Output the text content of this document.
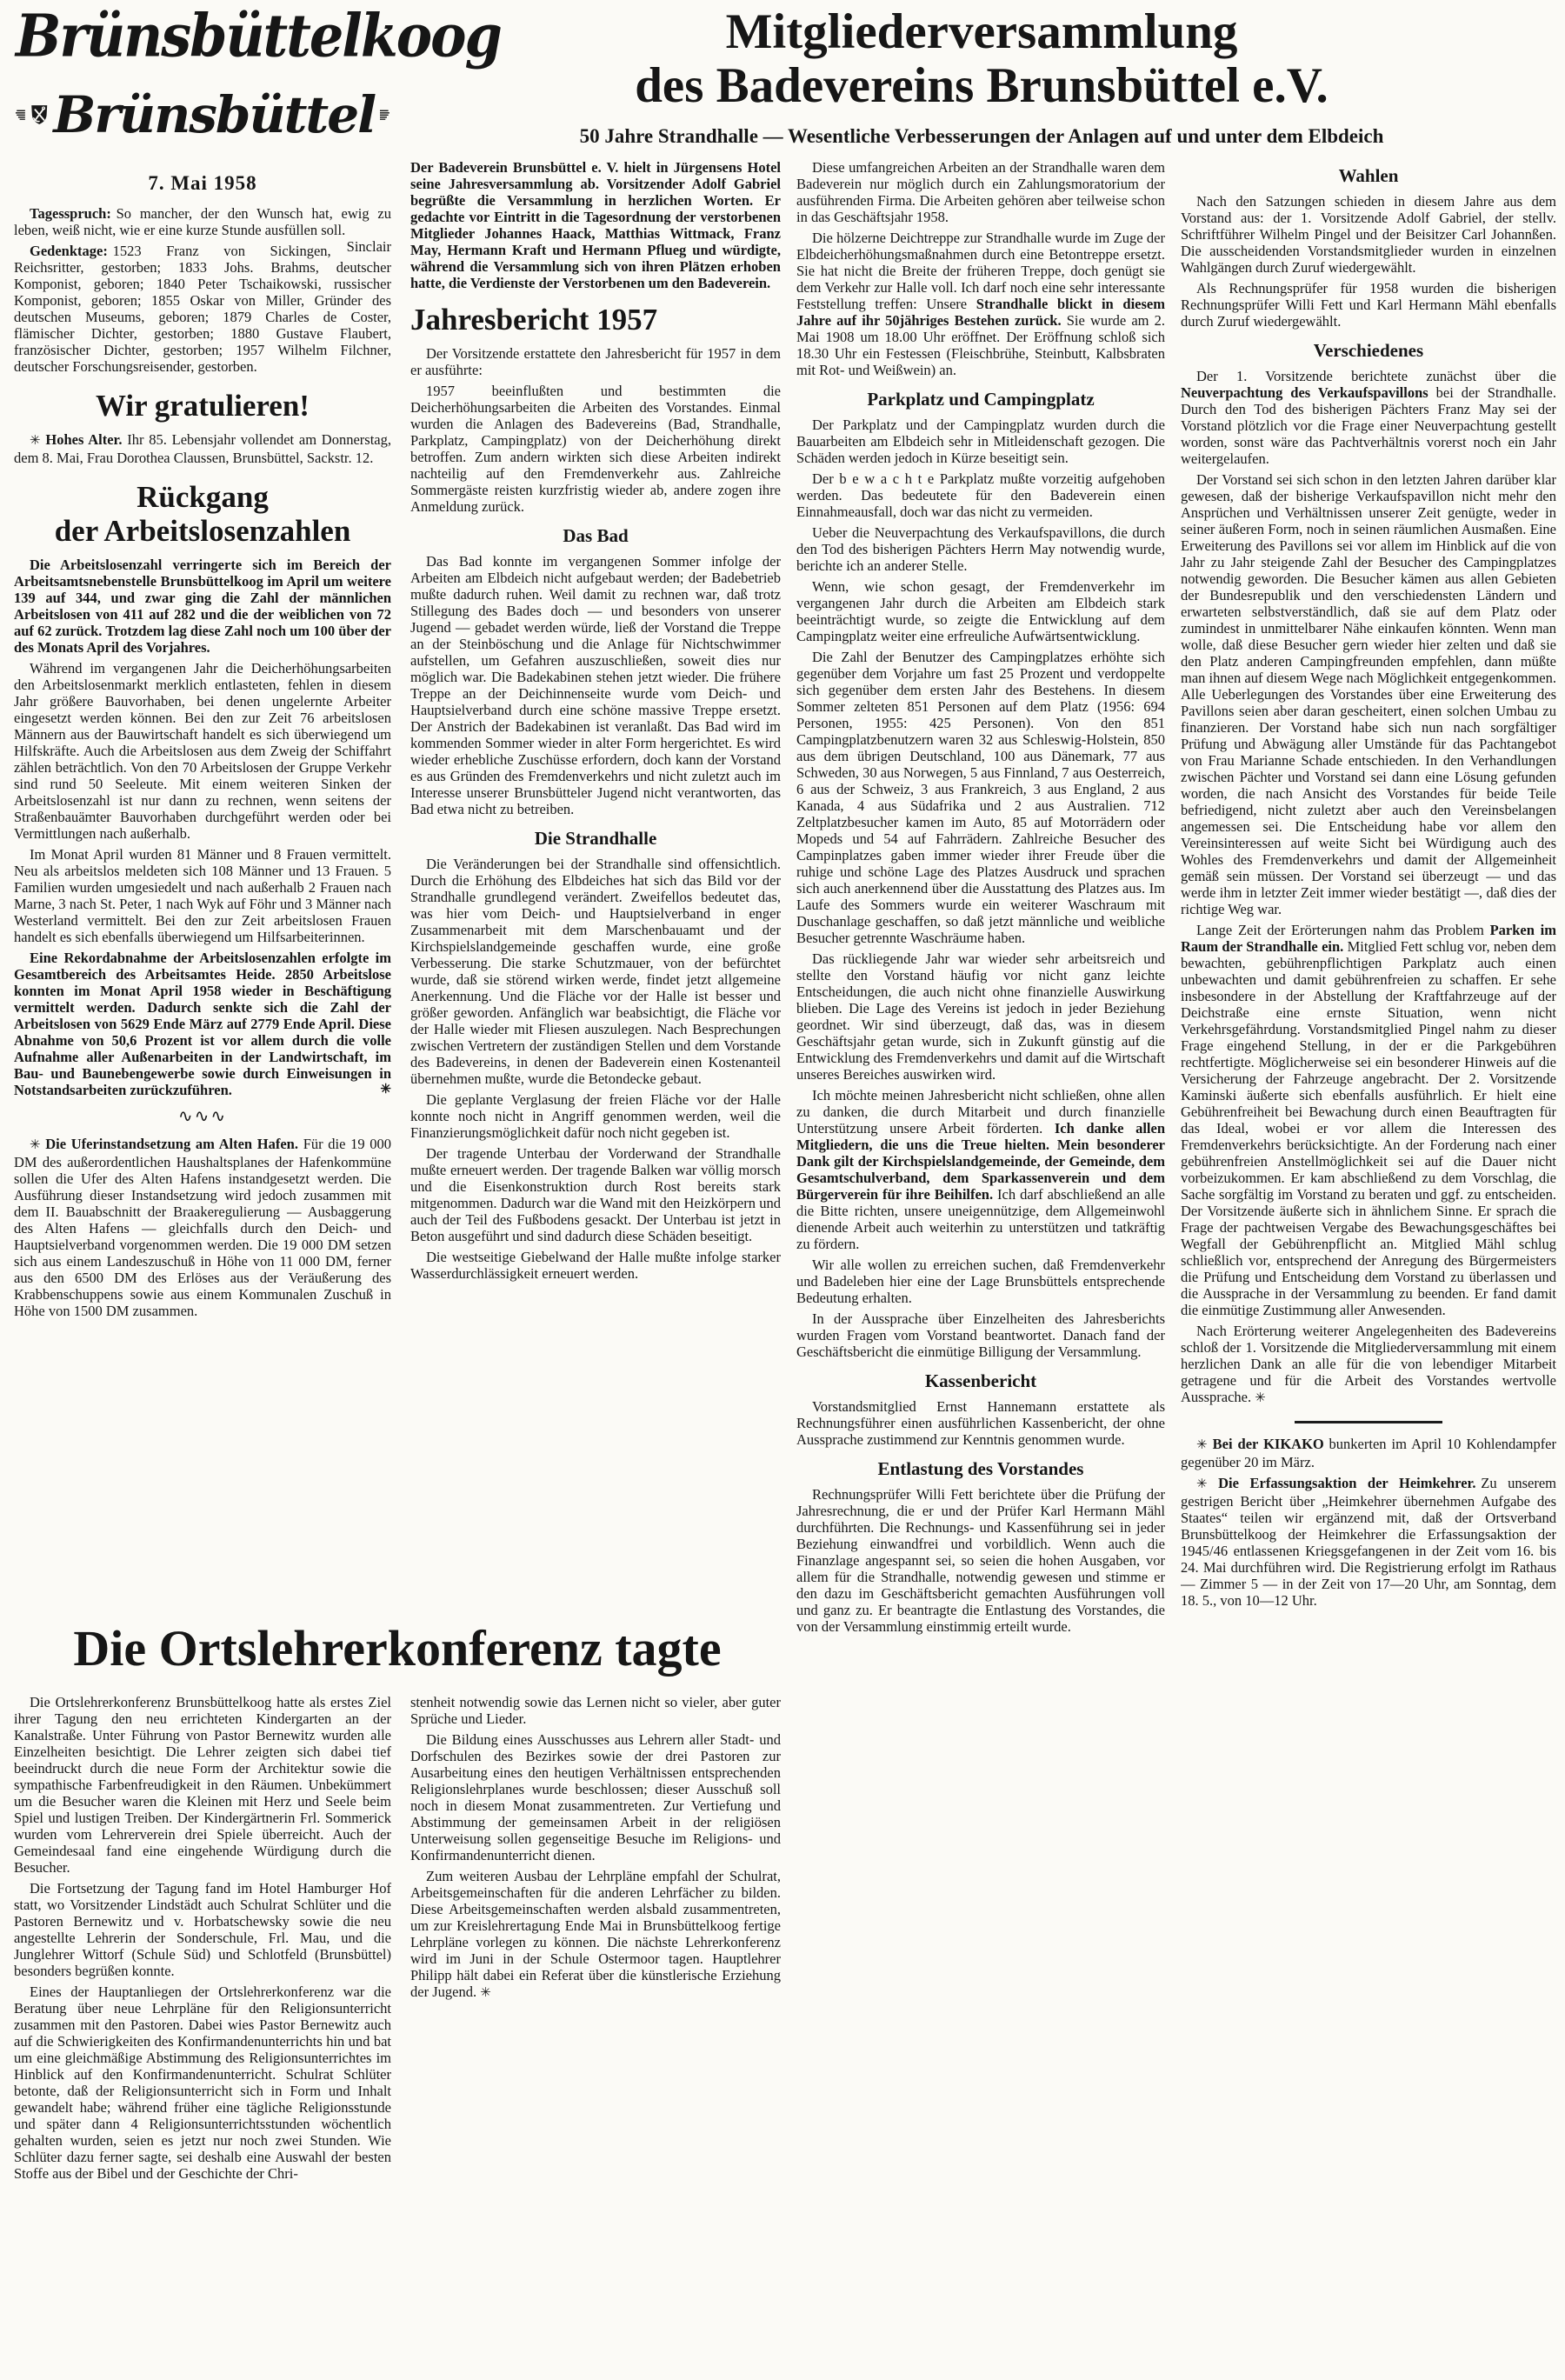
Brünsbüttelkoog
Brünsbüttel
7. Mai 1958
Mitgliederversammlung
des Badevereins Brunsbüttel e.V.
50 Jahre Strandhalle — Wesentliche Verbesserungen der Anlagen auf und unter dem Elbdeich

Tagesspruch: So mancher, der den Wunsch hat, ewig zu leben, weiß nicht, wie er eine kurze Stunde ausfüllen soll.
Sinclair

Gedenktage: 1523 Franz von Sickingen, Reichsritter, gestorben; 1833 Johs. Brahms, deutscher Komponist, geboren; 1840 Peter Tschaikowski, russischer Komponist, geboren; 1855 Oskar von Miller, Gründer des deutschen Museums, geboren; 1879 Charles de Coster, flämischer Dichter, gestorben; 1880 Gustave Flaubert, französischer Dichter, gestorben; 1957 Wilhelm Filchner, deutscher Forschungsreisender, gestorben.

Wir gratulieren!

✳ Hohes Alter. Ihr 85. Lebensjahr vollendet am Donnerstag, dem 8. Mai, Frau Dorothea Claussen, Brunsbüttel, Sackstr. 12.

Rückgang
der Arbeitslosenzahlen

Die Arbeitslosenzahl verringerte sich im Bereich der Arbeitsamtsnebenstelle Brunsbüttelkoog im April um weitere 139 auf 344, und zwar ging die Zahl der männlichen Arbeitslosen von 411 auf 282 und die der weiblichen von 72 auf 62 zurück. Trotzdem lag diese Zahl noch um 100 über der des Monats April des Vorjahres.

Während im vergangenen Jahr die Deicherhöhungsarbeiten den Arbeitslosenmarkt merklich entlasteten, fehlen in diesem Jahr größere Bauvorhaben, bei denen ungelernte Arbeiter eingesetzt werden können. Bei den zur Zeit 76 arbeitslosen Männern aus der Bauwirtschaft handelt es sich überwiegend um Hilfskräfte. Auch die Arbeitslosen aus dem Zweig der Schiffahrt zählen beträchtlich. Von den 70 Arbeitslosen der Gruppe Verkehr sind rund 50 Seeleute. Mit einem weiteren Sinken der Arbeitslosenzahl ist nur dann zu rechnen, wenn seitens der Straßenbauämter Bauvorhaben durchgeführt werden oder bei Vermittlungen nach außerhalb.

Im Monat April wurden 81 Männer und 8 Frauen vermittelt. Neu als arbeitslos meldeten sich 108 Männer und 13 Frauen. 5 Familien wurden umgesiedelt und nach außerhalb 2 Frauen nach Marne, 3 nach St. Peter, 1 nach Wyk auf Föhr und 3 Männer nach Westerland vermittelt. Bei den zur Zeit arbeitslosen Frauen handelt es sich ebenfalls überwiegend um Hilfsarbeiterinnen.

Eine Rekordabnahme der Arbeitslosenzahlen erfolgte im Gesamtbereich des Arbeitsamtes Heide. 2850 Arbeitslose konnten im Monat April 1958 wieder in Beschäftigung vermittelt werden. Dadurch senkte sich die Zahl der Arbeitslosen von 5629 Ende März auf 2779 Ende April. Diese Abnahme von 50,6 Prozent ist vor allem durch die volle Aufnahme aller Außenarbeiten in der Landwirtschaft, im Bau- und Baunebengewerbe sowie durch Einweisungen in Notstandsarbeiten zurückzuführen.	✳

∿∿∿

✳ Die Uferinstandsetzung am Alten Hafen. Für die 19 000 DM des außerordentlichen Haushaltsplanes der Hafenkommüne sollen die Ufer des Alten Hafens instandgesetzt werden. Die Ausführung dieser Instandsetzung wird jedoch zusammen mit dem II. Bauabschnitt der Braakeregulierung — Ausbaggerung des Alten Hafens — gleichfalls durch den Deich- und Hauptsielverband vorgenommen werden. Die 19 000 DM setzen sich aus einem Landeszuschuß in Höhe von 11 000 DM, ferner aus den 6500 DM des Erlöses aus der Veräußerung des Krabbenschuppens sowie aus einem Kommunalen Zuschuß in Höhe von 1500 DM zusammen.

Der Badeverein Brunsbüttel e. V. hielt in Jürgensens Hotel seine Jahresversammlung ab. Vorsitzender Adolf Gabriel begrüßte die Versammlung in herzlichen Worten. Er gedachte vor Eintritt in die Tagesordnung der verstorbenen Mitglieder Johannes Haack, Matthias Wittmack, Franz May, Hermann Kraft und Hermann Pflueg und würdigte, während die Versammlung sich von ihren Plätzen erhoben hatte, die Verdienste der Verstorbenen um den Badeverein.

Jahresbericht 1957

Der Vorsitzende erstattete den Jahresbericht für 1957 in dem er ausführte:

1957 beeinflußten und bestimmten die Deicherhöhungsarbeiten die Arbeiten des Vorstandes. Einmal wurden die Anlagen des Badevereins (Bad, Strandhalle, Parkplatz, Campingplatz) von der Deicherhöhung direkt betroffen. Zum andern wirkten sich diese Arbeiten indirekt nachteilig auf den Fremdenverkehr aus. Zahlreiche Sommergäste reisten kurzfristig wieder ab, andere zogen ihre Anmeldung zurück.

Das Bad

Das Bad konnte im vergangenen Sommer infolge der Arbeiten am Elbdeich nicht aufgebaut werden; der Badebetrieb mußte dadurch ruhen. Weil damit zu rechnen war, daß trotz Stillegung des Bades doch — und besonders von unserer Jugend — gebadet werden würde, ließ der Vorstand die Treppe an der Steinböschung und die Anlage für Nichtschwimmer aufstellen, um Gefahren auszuschließen, soweit dies nur möglich war. Die Badekabinen stehen jetzt wieder. Die frühere Treppe an der Deichinnenseite wurde vom Deich- und Hauptsielverband durch eine schöne massive Treppe ersetzt. Der Anstrich der Badekabinen ist veranlaßt. Das Bad wird im kommenden Sommer wieder in alter Form hergerichtet. Es wird wieder erhebliche Zuschüsse erfordern, doch kann der Vorstand es aus Gründen des Fremdenverkehrs und nicht zuletzt auch im Interesse unserer Brunsbütteler Jugend nicht verantworten, das Bad etwa nicht zu betreiben.

Die Strandhalle

Die Veränderungen bei der Strandhalle sind offensichtlich. Durch die Erhöhung des Elbdeiches hat sich das Bild vor der Strandhalle grundlegend verändert. Zweifellos bedeutet das, was hier vom Deich- und Hauptsielverband in enger Zusammenarbeit mit dem Marschenbauamt und der Kirchspielslandgemeinde geschaffen wurde, eine große Verbesserung. Die starke Schutzmauer, von der befürchtet wurde, daß sie störend wirken werde, findet jetzt allgemeine Anerkennung. Und die Fläche vor der Halle ist besser und größer geworden. Anfänglich war beabsichtigt, die Fläche vor der Halle wieder mit Fliesen auszulegen. Nach Besprechungen zwischen Vertretern der zuständigen Stellen und dem Vorstande des Badevereins, in denen der Badeverein einen Kostenanteil übernehmen mußte, wurde die Betondecke gebaut.

Die geplante Verglasung der freien Fläche vor der Halle konnte noch nicht in Angriff genommen werden, weil die Finanzierungsmöglichkeit dafür noch nicht gegeben ist.

Der tragende Unterbau der Vorderwand der Strandhalle mußte erneuert werden. Der tragende Balken war völlig morsch und die Eisenkonstruktion durch Rost bereits stark mitgenommen. Dadurch war die Wand mit den Heizkörpern und auch der Teil des Fußbodens gesackt. Der Unterbau ist jetzt in Beton ausgeführt und sind dadurch diese Schäden beseitigt.

Die westseitige Giebelwand der Halle mußte infolge starker Wasserdurchlässigkeit erneuert werden.

Diese umfangreichen Arbeiten an der Strandhalle waren dem Badeverein nur möglich durch ein Zahlungsmoratorium der ausführenden Firma. Die Arbeiten gehören aber teilweise schon in das Geschäftsjahr 1958.

Die hölzerne Deichtreppe zur Strandhalle wurde im Zuge der Elbdeicherhöhungsmaßnahmen durch eine Betontreppe ersetzt. Sie hat nicht die Breite der früheren Treppe, doch genügt sie dem Verkehr zur Halle voll. Ich darf noch eine sehr interessante Feststellung treffen: Unsere Strandhalle blickt in diesem Jahre auf ihr 50jähriges Bestehen zurück. Sie wurde am 2. Mai 1908 um 18.00 Uhr eröffnet. Der Eröffnung schloß sich 18.30 Uhr ein Festessen (Fleischbrühe, Steinbutt, Kalbsbraten mit Rot- und Weißwein) an.

Parkplatz und Campingplatz

Der Parkplatz und der Campingplatz wurden durch die Bauarbeiten am Elbdeich sehr in Mitleidenschaft gezogen. Die Schäden werden jedoch in Kürze beseitigt sein.

Der b e w a c h t e Parkplatz mußte vorzeitig aufgehoben werden. Das bedeutete für den Badeverein einen Einnahmeausfall, doch war das nicht zu vermeiden.

Ueber die Neuverpachtung des Verkaufspavillons, die durch den Tod des bisherigen Pächters Herrn May notwendig wurde, berichte ich an anderer Stelle.

Wenn, wie schon gesagt, der Fremdenverkehr im vergangenen Jahr durch die Arbeiten am Elbdeich stark beeinträchtigt wurde, so zeigte die Entwicklung auf dem Campingplatz weiter eine erfreuliche Aufwärtsentwicklung.

Die Zahl der Benutzer des Campingplatzes erhöhte sich gegenüber dem Vorjahre um fast 25 Prozent und verdoppelte sich gegenüber dem ersten Jahr des Bestehens. In diesem Sommer zelteten 851 Personen auf dem Platz (1956: 694 Personen, 1955: 425 Personen). Von den 851 Campingplatzbenutzern waren 32 aus Schleswig-Holstein, 850 aus dem übrigen Deutschland, 100 aus Dänemark, 77 aus Schweden, 30 aus Norwegen, 5 aus Finnland, 7 aus Oesterreich, 6 aus der Schweiz, 3 aus Frankreich, 3 aus England, 2 aus Kanada, 4 aus Südafrika und 2 aus Australien. 712 Zeltplatzbesucher kamen im Auto, 85 auf Motorrädern oder Mopeds und 54 auf Fahrrädern. Zahlreiche Besucher des Campinplatzes gaben immer wieder ihrer Freude über die ruhige und schöne Lage des Platzes Ausdruck und sprachen sich auch anerkennend über die Ausstattung des Platzes aus. Im Laufe des Sommers wurde ein weiterer Waschraum mit Duschanlage geschaffen, so daß jetzt männliche und weibliche Besucher getrennte Waschräume haben.

Das rückliegende Jahr war wieder sehr arbeitsreich und stellte den Vorstand häufig vor nicht ganz leichte Entscheidungen, die auch nicht ohne finanzielle Auswirkung blieben. Die Lage des Vereins ist jedoch in jeder Beziehung geordnet. Wir sind überzeugt, daß das, was in diesem Geschäftsjahr getan wurde, sich in Zukunft günstig auf die Entwicklung des Fremdenverkehrs und damit auf die Wirtschaft unseres Bereiches auswirken wird.

Ich möchte meinen Jahresbericht nicht schließen, ohne allen zu danken, die durch Mitarbeit und durch finanzielle Unterstützung unsere Arbeit förderten. Ich danke allen Mitgliedern, die uns die Treue hielten. Mein besonderer Dank gilt der Kirchspielslandgemeinde, der Gemeinde, dem Gesamtschulverband, dem Sparkassenverein und dem Bürgerverein für ihre Beihilfen. Ich darf abschließend an alle die Bitte richten, unsere uneigennützige, dem Allgemeinwohl dienende Arbeit auch weiterhin zu unterstützen und tatkräftig zu fördern.

Wir alle wollen zu erreichen suchen, daß Fremdenverkehr und Badeleben hier eine der Lage Brunsbüttels entsprechende Bedeutung erhalten.

In der Aussprache über Einzelheiten des Jahresberichts wurden Fragen vom Vorstand beantwortet. Danach fand der Geschäftsbericht die einmütige Billigung der Versammlung.

Kassenbericht

Vorstandsmitglied Ernst Hannemann erstattete als Rechnungsführer einen ausführlichen Kassenbericht, der ohne Aussprache zustimmend zur Kenntnis genommen wurde.

Entlastung des Vorstandes

Rechnungsprüfer Willi Fett berichtete über die Prüfung der Jahresrechnung, die er und der Prüfer Karl Hermann Mähl durchführten. Die Rechnungs- und Kassenführung sei in jeder Beziehung einwandfrei und vorbildlich. Wenn auch die Finanzlage angespannt sei, so seien die hohen Ausgaben, vor allem für die Strandhalle, notwendig gewesen und stimme er den dazu im Geschäftsbericht gemachten Ausführungen voll und ganz zu. Er beantragte die Entlastung des Vorstandes, die von der Versammlung einstimmig erteilt wurde.

Wahlen

Nach den Satzungen schieden in diesem Jahre aus dem Vorstand aus: der 1. Vorsitzende Adolf Gabriel, der stellv. Schriftführer Wilhelm Pingel und der Beisitzer Carl Johannßen. Die ausscheidenden Vorstandsmitglieder wurden in einzelnen Wahlgängen durch Zuruf wiedergewählt.

Als Rechnungsprüfer für 1958 wurden die bisherigen Rechnungsprüfer Willi Fett und Karl Hermann Mähl ebenfalls durch Zuruf wiedergewählt.

Verschiedenes

Der 1. Vorsitzende berichtete zunächst über die Neuverpachtung des Verkaufspavillons bei der Strandhalle. Durch den Tod des bisherigen Pächters Franz May sei der Vorstand plötzlich vor die Frage einer Neuverpachtung gestellt worden, sonst wäre das Pachtverhältnis vorerst noch ein Jahr weitergelaufen.

Der Vorstand sei sich schon in den letzten Jahren darüber klar gewesen, daß der bisherige Verkaufspavillon nicht mehr den Ansprüchen und Verhältnissen unserer Zeit genügte, weder in seiner äußeren Form, noch in seinen räumlichen Ausmaßen. Eine Erweiterung des Pavillons sei vor allem im Hinblick auf die von Jahr zu Jahr steigende Zahl der Besucher des Campingplatzes notwendig geworden. Die Besucher kämen aus allen Gebieten der Bundesrepublik und den verschiedensten Ländern und erwarteten selbstverständlich, daß sie auf dem Platz oder zumindest in unmittelbarer Nähe einkaufen könnten. Wenn man wolle, daß diese Besucher gern wieder hier zelten und daß sie den Platz anderen Campingfreunden empfehlen, dann müßte man ihnen auf diesem Wege nach Möglichkeit entgegenkommen. Alle Ueberlegungen des Vorstandes über eine Erweiterung des Pavillons seien aber daran gescheitert, einen solchen Umbau zu finanzieren. Der Vorstand habe sich nun nach sorgfältiger Prüfung und Abwägung aller Umstände für das Pachtangebot von Frau Marianne Schade entschieden. In den Verhandlungen zwischen Pächter und Vorstand sei dann eine Lösung gefunden worden, die nach Ansicht des Vorstandes für beide Teile befriedigend, nicht zuletzt aber auch den Vereinsbelangen angemessen sei. Die Entscheidung habe vor allem den Vereinsinteressen auf weite Sicht bei Würdigung auch des Wohles des Fremdenverkehrs und damit der Allgemeinheit gemäß sein müssen. Der Vorstand sei überzeugt — und das werde ihm in letzter Zeit immer wieder bestätigt —, daß dies der richtige Weg war.

Lange Zeit der Erörterungen nahm das Problem Parken im Raum der Strandhalle ein. Mitglied Fett schlug vor, neben dem bewachten, gebührenpflichtigen Parkplatz auch einen unbewachten und damit gebührenfreien zu schaffen. Er sehe insbesondere in der Abstellung der Kraftfahrzeuge auf der Deichstraße eine ernste Situation, wenn nicht Verkehrsgefährdung. Vorstandsmitglied Pingel nahm zu dieser Frage eingehend Stellung, in der er die Parkgebühren rechtfertigte. Möglicherweise sei ein besonderer Hinweis auf die Versicherung der Fahrzeuge angebracht. Der 2. Vorsitzende Kaminski äußerte sich ebenfalls ausführlich. Er hielt eine Gebührenfreiheit bei Bewachung durch einen Beauftragten für das Ideal, wobei er vor allem die Interessen des Fremdenverkehrs berücksichtigte. An der Forderung nach einer gebührenfreien Anstellmöglichkeit sei auf die Dauer nicht vorbeizukommen. Er kam abschließend zu dem Vorschlag, die Sache sorgfältig im Vorstand zu beraten und ggf. zu entscheiden. Der Vorsitzende äußerte sich in ähnlichem Sinne. Er sprach die Frage der pachtweisen Vergabe des Bewachungsgeschäftes bei Wegfall der Gebührenpflicht an. Mitglied Mähl schlug schließlich vor, entsprechend der Anregung des Bürgermeisters die Prüfung und Entscheidung dem Vorstand zu überlassen und die Aussprache in der Versammlung zu beenden. Er fand damit die einmütige Zustimmung aller Anwesenden.

Nach Erörterung weiterer Angelegenheiten des Badevereins schloß der 1. Vorsitzende die Mitgliederversammlung mit einem herzlichen Dank an alle für die von lebendiger Mitarbeit getragene und für die Arbeit des Vorstandes wertvolle Aussprache. ✳

✳ Bei der KIKAKO bunkerten im April 10 Kohlendampfer gegenüber 20 im März.

✳ Die Erfassungsaktion der Heimkehrer. Zu unserem gestrigen Bericht über „Heimkehrer übernehmen Aufgabe des Staates“ teilen wir ergänzend mit, daß der Ortsverband Brunsbüttelkoog der Heimkehrer die Erfassungsaktion der 1945/46 entlassenen Kriegsgefangenen in der Zeit vom 16. bis 24. Mai durchführen wird. Die Registrierung erfolgt im Rathaus — Zimmer 5 — in der Zeit von 17—20 Uhr, am Sonntag, dem 18. 5., von 10—12 Uhr.

Die Ortslehrerkonferenz tagte

Die Ortslehrerkonferenz Brunsbüttelkoog hatte als erstes Ziel ihrer Tagung den neu errichteten Kindergarten an der Kanalstraße. Unter Führung von Pastor Bernewitz wurden alle Einzelheiten besichtigt. Die Lehrer zeigten sich dabei tief beeindruckt durch die neue Form der Architektur sowie die sympathische Farbenfreudigkeit in den Räumen. Unbekümmert um die Besucher waren die Kleinen mit Herz und Seele beim Spiel und lustigen Treiben. Der Kindergärtnerin Frl. Sommerick wurden vom Lehrerverein drei Spiele überreicht. Auch der Gemeindesaal fand eine eingehende Würdigung durch die Besucher.

Die Fortsetzung der Tagung fand im Hotel Hamburger Hof statt, wo Vorsitzender Lindstädt auch Schulrat Schlüter und die Pastoren Bernewitz und v. Horbatschewsky sowie die neu angestellte Lehrerin der Sonderschule, Frl. Mau, und die Junglehrer Wittorf (Schule Süd) und Schlotfeld (Brunsbüttel) besonders begrüßen konnte.

Eines der Hauptanliegen der Ortslehrerkonferenz war die Beratung über neue Lehrpläne für den Religionsunterricht zusammen mit den Pastoren. Dabei wies Pastor Bernewitz auch auf die Schwierigkeiten des Konfirmandenunterrichts hin und bat um eine gleichmäßige Abstimmung des Religionsunterrichtes im Hinblick auf den Konfirmandenunterricht. Schulrat Schlüter betonte, daß der Religionsunterricht sich in Form und Inhalt gewandelt habe; während früher eine tägliche Religionsstunde und später dann 4 Religionsunterrichtsstunden wöchentlich gehalten wurden, seien es jetzt nur noch zwei Stunden. Wie Schlüter dazu ferner sagte, sei deshalb eine Auswahl der besten Stoffe aus der Bibel und der Geschichte der Chri-

stenheit notwendig sowie das Lernen nicht so vieler, aber guter Sprüche und Lieder.

Die Bildung eines Ausschusses aus Lehrern aller Stadt- und Dorfschulen des Bezirkes sowie der drei Pastoren zur Ausarbeitung eines den heutigen Verhältnissen entsprechenden Religionslehrplanes wurde beschlossen; dieser Ausschuß soll noch in diesem Monat zusammentreten. Zur Vertiefung und Abstimmung der gemeinsamen Arbeit in der religiösen Unterweisung sollen gegenseitige Besuche im Religions- und Konfirmandenunterricht dienen.

Zum weiteren Ausbau der Lehrpläne empfahl der Schulrat, Arbeitsgemeinschaften für die anderen Lehrfächer zu bilden. Diese Arbeitsgemeinschaften werden alsbald zusammentreten, um zur Kreislehrertagung Ende Mai in Brunsbüttelkoog fertige Lehrpläne vorlegen zu können. Die nächste Lehrerkonferenz wird im Juni in der Schule Ostermoor tagen. Hauptlehrer Philipp hält dabei ein Referat über die künstlerische Erziehung der Jugend. ✳
